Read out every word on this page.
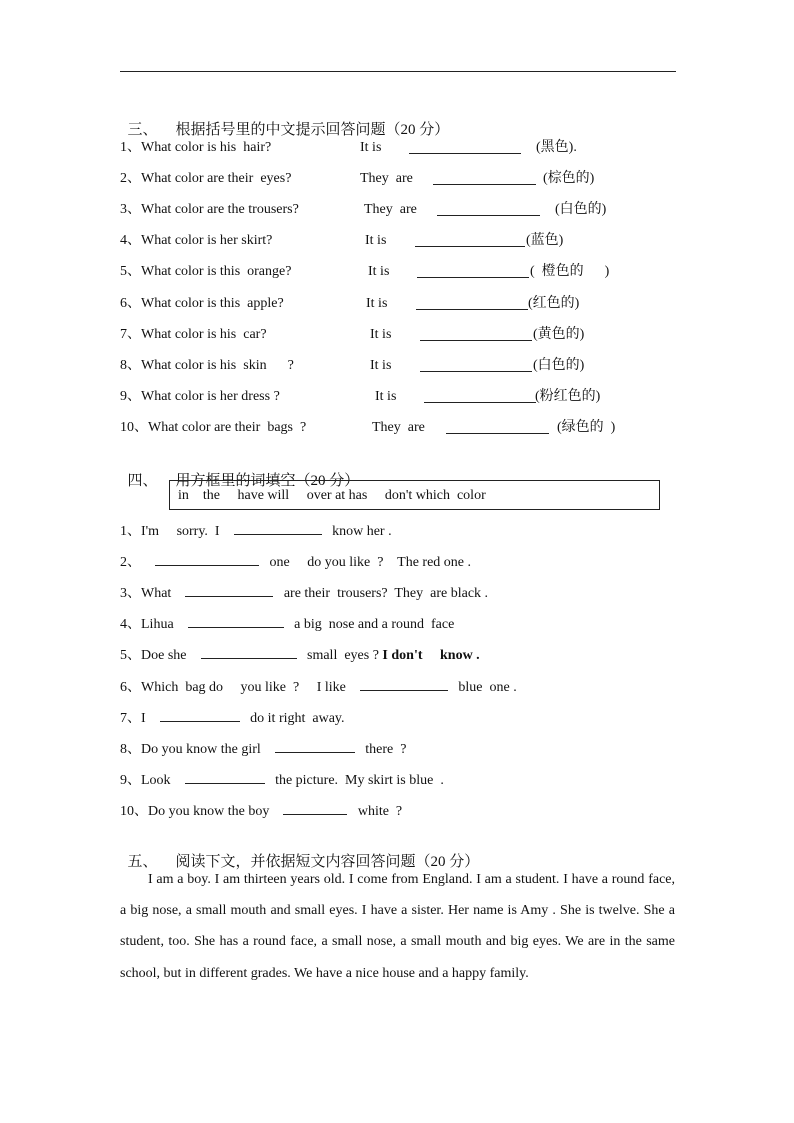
三、 根据括号里的中文提示回答问题（20 分）

1、What color is his  hair?	It is	(黑色).
2、What color are their  eyes?	They  are	(棕色的)
3、What color are the trousers?	They  are	(白色的)
4、What color is her skirt?	It is	(蓝色)
5、What color is this  orange?	It is	(  橙色的      )
6、What color is this  apple?	It is	(红色的)
7、What color is his  car?	It is	(黄色的)
8、What color is his  skin      ?	It is	(白色的)
9、What color is her dress ?	It is	(粉红色的)
10、What color are their  bags  ?	They  are	(绿色的  )

四、 用方框里的词填空（20 分）

in    the     have will     over at has     don't which  color
1、I'm     sorry.  I	know her .
2、	one     do you like  ?    The red one .
3、What	are their  trousers?  They  are black .
4、Lihua	a big  nose and a round  face
5、Doe she	small  eyes ? I don't     know .
6、Which  bag do     you like  ?     I like	blue  one .
7、I	do it right  away.
8、Do you know the girl	there  ?
9、Look	the picture.  My skirt is blue  .
10、Do you know the boy	white  ?

五、 阅读下文，并依据短文内容回答问题（20 分）

I am a boy. I am thirteen years old. I come from England. I am a student. I have a round face, a big nose, a small mouth and small eyes. I have a sister. Her name is Amy . She is twelve. She a student, too. She has a round face, a small nose, a small mouth and big eyes. We are in the same school, but in different grades. We have a nice house and a happy family.
